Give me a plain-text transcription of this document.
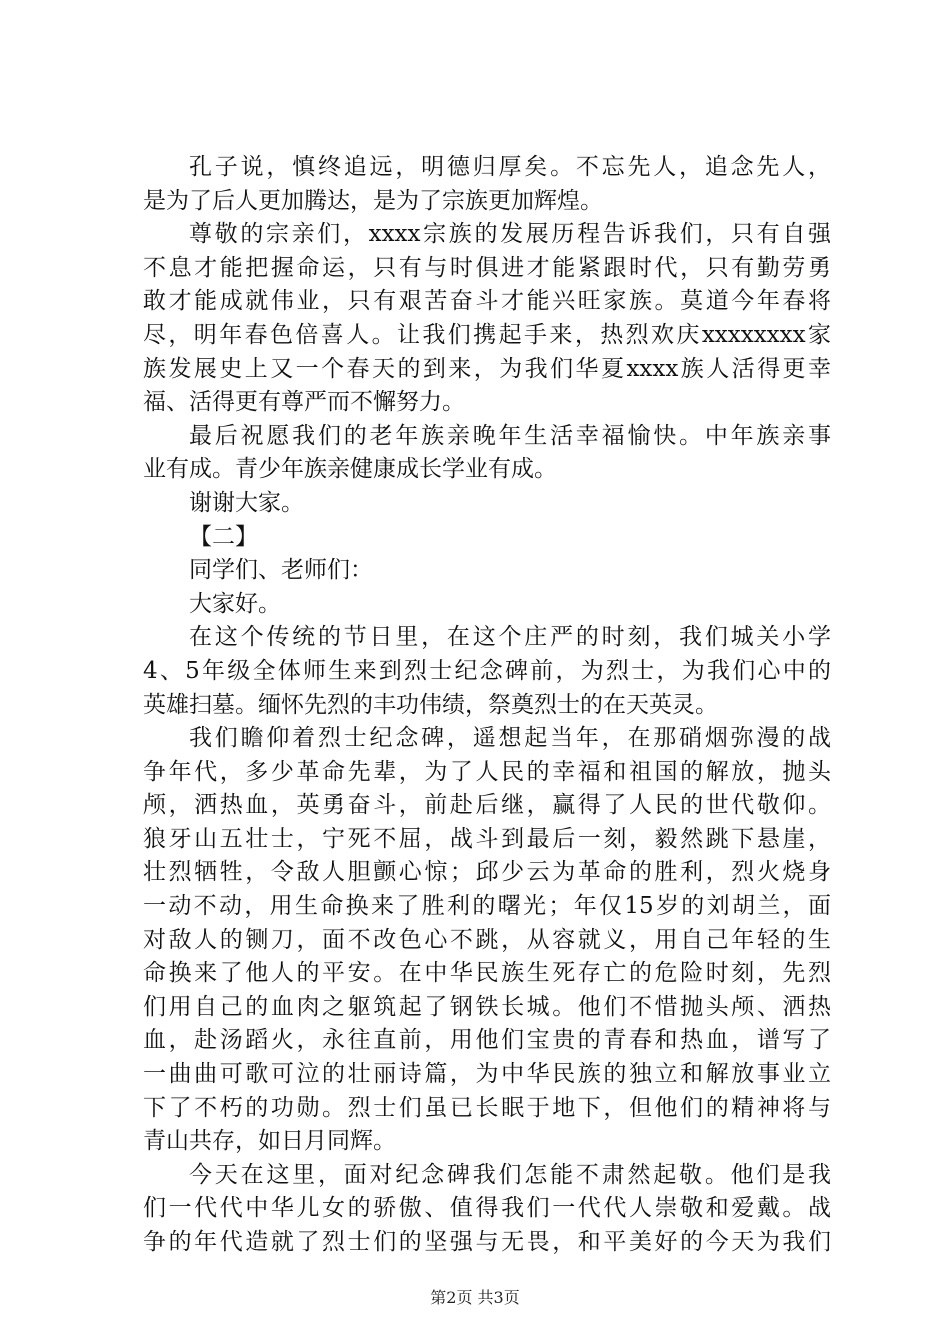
孔子说，慎终追远，明德归厚矣。不忘先人，追念先人，
是为了后人更加腾达，是为了宗族更加辉煌。
尊敬的宗亲们，xxxx宗族的发展历程告诉我们，只有自强
不息才能把握命运，只有与时俱进才能紧跟时代，只有勤劳勇
敢才能成就伟业，只有艰苦奋斗才能兴旺家族。莫道今年春将
尽，明年春色倍喜人。让我们携起手来，热烈欢庆xxxxxxxx家
族发展史上又一个春天的到来，为我们华夏xxxx族人活得更幸
福、活得更有尊严而不懈努力。
最后祝愿我们的老年族亲晚年生活幸福愉快。中年族亲事
业有成。青少年族亲健康成长学业有成。
谢谢大家。
【二】
同学们、老师们：
大家好。
在这个传统的节日里，在这个庄严的时刻，我们城关小学
4、5年级全体师生来到烈士纪念碑前，为烈士，为我们心中的
英雄扫墓。缅怀先烈的丰功伟绩，祭奠烈士的在天英灵。
我们瞻仰着烈士纪念碑，遥想起当年，在那硝烟弥漫的战
争年代，多少革命先辈，为了人民的幸福和祖国的解放，抛头
颅，洒热血，英勇奋斗，前赴后继，赢得了人民的世代敬仰。
狼牙山五壮士，宁死不屈，战斗到最后一刻，毅然跳下悬崖，
壮烈牺牲，令敌人胆颤心惊；邱少云为革命的胜利，烈火烧身
一动不动，用生命换来了胜利的曙光；年仅15岁的刘胡兰，面
对敌人的铡刀，面不改色心不跳，从容就义，用自己年轻的生
命换来了他人的平安。在中华民族生死存亡的危险时刻，先烈
们用自己的血肉之躯筑起了钢铁长城。他们不惜抛头颅、洒热
血，赴汤蹈火，永往直前，用他们宝贵的青春和热血，谱写了
一曲曲可歌可泣的壮丽诗篇，为中华民族的独立和解放事业立
下了不朽的功勋。烈士们虽已长眠于地下，但他们的精神将与
青山共存，如日月同辉。
今天在这里，面对纪念碑我们怎能不肃然起敬。他们是我
们一代代中华儿女的骄傲、值得我们一代代人崇敬和爱戴。战
争的年代造就了烈士们的坚强与无畏，和平美好的今天为我们
第2页 共3页
